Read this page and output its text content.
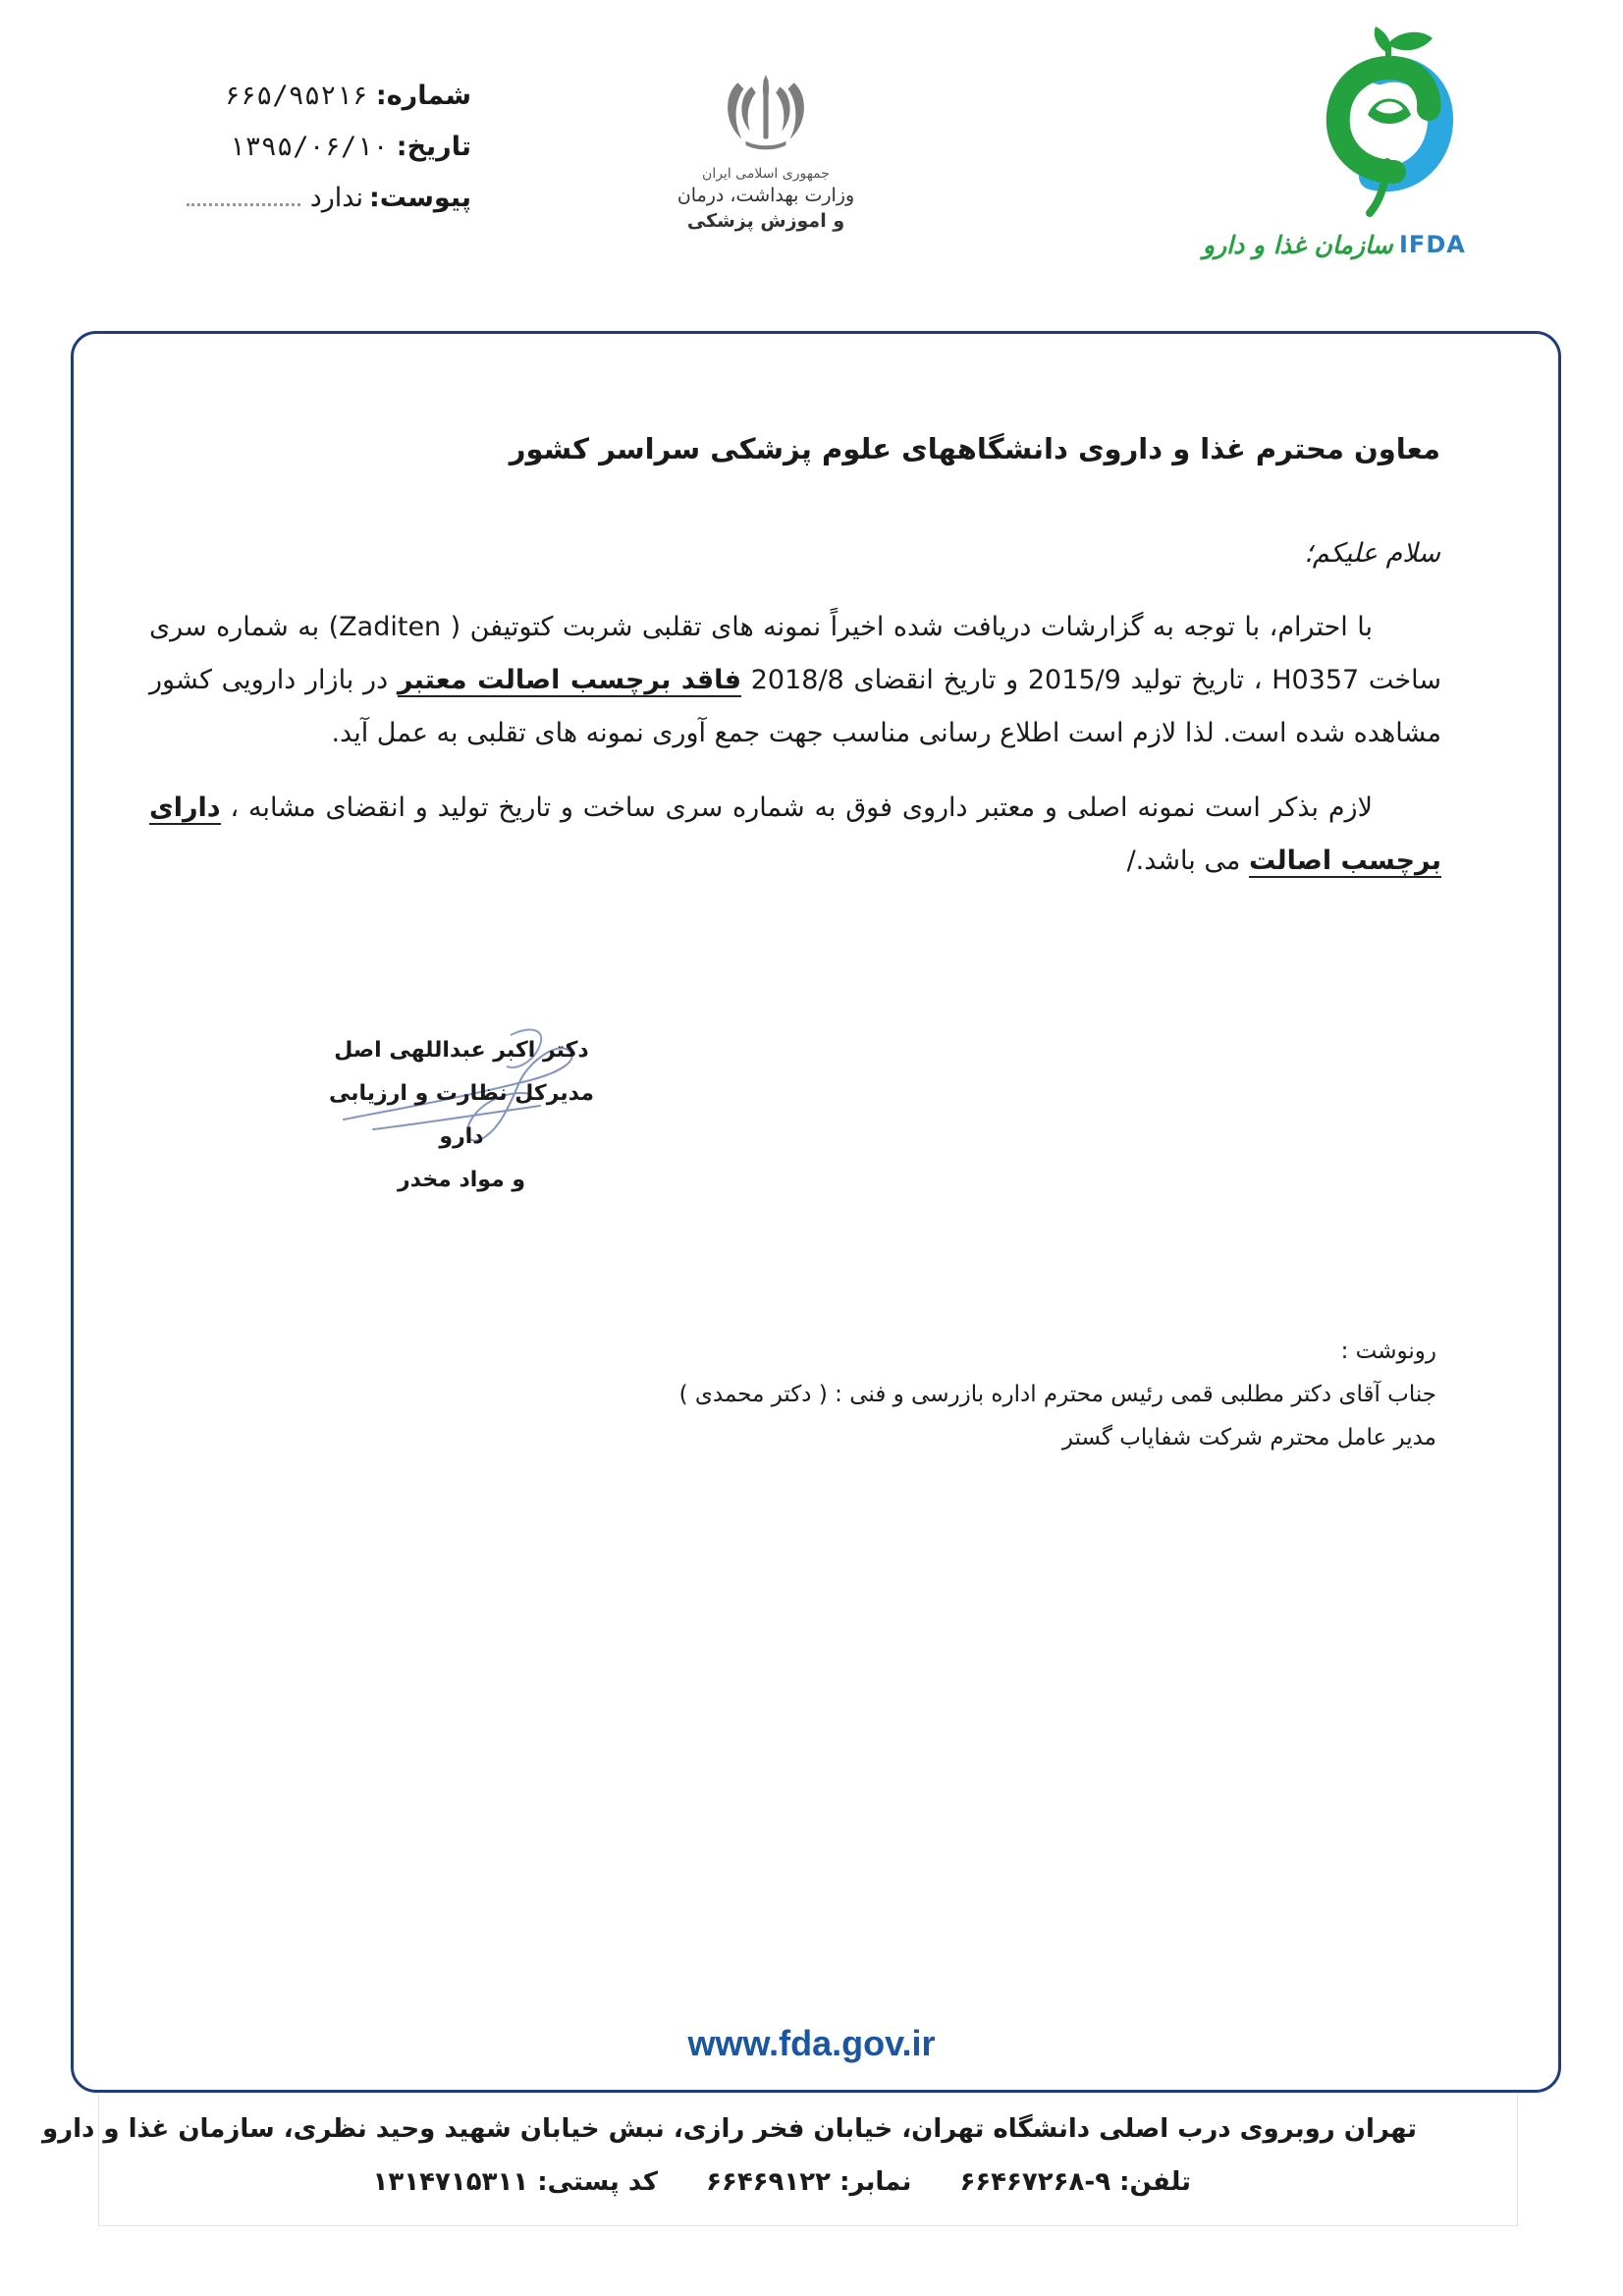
شماره:
۶۶۵/۹۵۲۱۶
تاریخ:
۱۳۹۵/۰۶/۱۰
پیوست:
ندارد
جمهوری اسلامی ایران
وزارت بهداشت، درمان
و اموزش پزشکی
سازمان غذا و دارو IFDA
معاون محترم غذا و داروی دانشگاههای علوم پزشکی سراسر کشور
سلام علیکم؛
با احترام، با توجه به گزارشات دریافت شده اخیراً نمونه های تقلبی شربت کتوتیفن ( Zaditen) به شماره سری ساخت H0357 ، تاریخ تولید 2015/9 و تاریخ انقضای 2018/8 فاقد برچسب اصالت معتبر در بازار دارویی کشور مشاهده شده است. لذا لازم است اطلاع رسانی مناسب جهت جمع آوری نمونه های تقلبی به عمل آید.
لازم بذکر است نمونه اصلی و معتبر داروی فوق به شماره سری ساخت و تاریخ تولید و انقضای مشابه ، دارای برچسب اصالت می باشد./
دکتر اکبر عبداللهی اصل
مدیرکل نظارت و ارزیابی دارو
و مواد مخدر
رونوشت :
جناب آقای دکتر مطلبی قمی رئیس محترم اداره بازرسی و فنی : ( دکتر محمدی )
مدیر عامل محترم شرکت شفایاب گستر
www.fda.gov.ir
تهران روبروی درب اصلی دانشگاه تهران، خیابان فخر رازی، نبش خیابان شهید وحید نظری، سازمان غذا و دارو
تلفن: ۹-۶۶۴۶۷۲۶۸ نمابر: ۶۶۴۶۹۱۲۲ کد پستی: ۱۳۱۴۷۱۵۳۱۱
